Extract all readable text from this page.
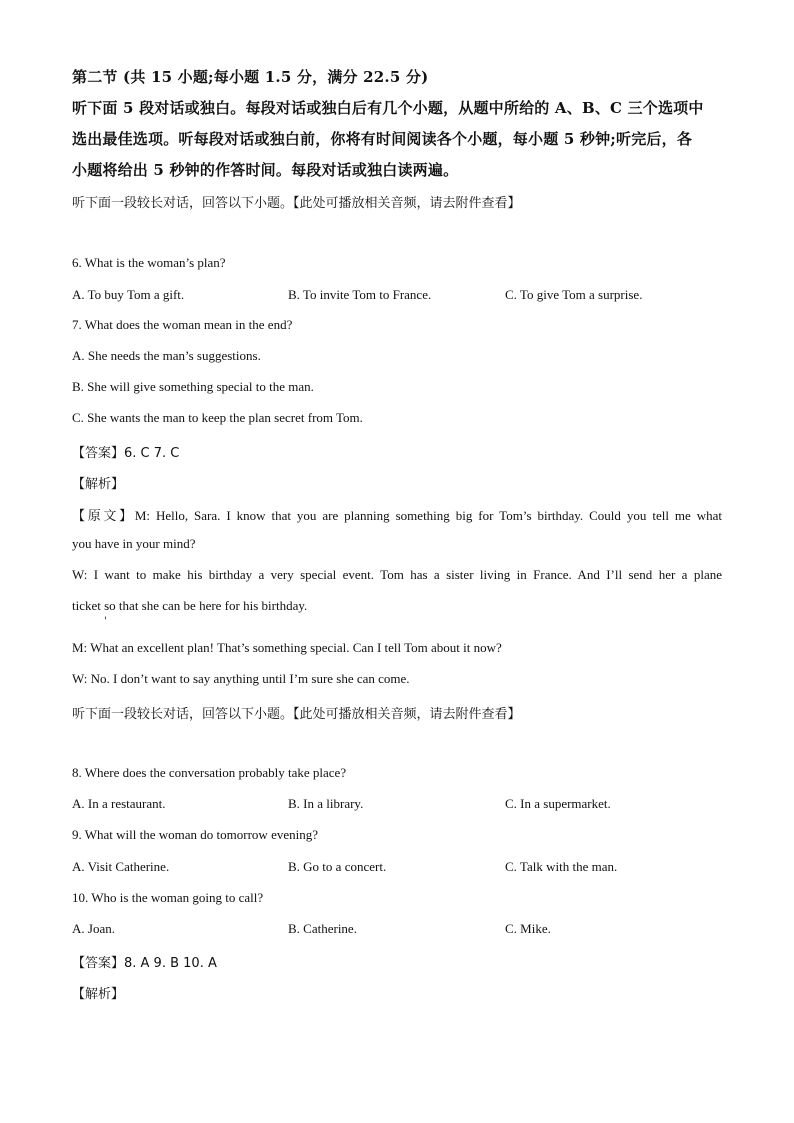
第二节 (共 15 小题;每小题 1.5 分，满分 22.5 分)
听下面 5 段对话或独白。每段对话或独白后有几个小题，从题中所给的 A、B、C 三个选项中
选出最佳选项。听每段对话或独白前，你将有时间阅读各个小题，每小题 5 秒钟;听完后，各
小题将给出 5 秒钟的作答时间。每段对话或独白读两遍。
听下面一段较长对话，回答以下小题。【此处可播放相关音频，请去附件查看】
6. What is the woman’s plan?
A. To buy Tom a gift.	B. To invite Tom to France.	C. To give Tom a surprise.
7. What does the woman mean in the end?
A. She needs the man’s suggestions.
B. She will give something special to the man.
C. She wants the man to keep the plan secret from Tom.
【答案】6. C 7. C
【解析】
【原文】M: Hello, Sara. I know that you are planning something big for Tom’s birthday. Could you tell me what
you have in your mind?
W: I want to make his birthday a very special event. Tom has a sister living in France. And I’ll send her a plane
ticket so that she can be here for his birthday.
'
M: What an excellent plan! That’s something special. Can I tell Tom about it now?
W: No. I don’t want to say anything until I’m sure she can come.
听下面一段较长对话，回答以下小题。【此处可播放相关音频，请去附件查看】
8. Where does the conversation probably take place?
A. In a restaurant.	B. In a library.	C. In a supermarket.
9. What will the woman do tomorrow evening?
A. Visit Catherine.	B. Go to a concert.	C. Talk with the man.
10. Who is the woman going to call?
A. Joan.	B. Catherine.	C. Mike.
【答案】8. A 9. B 10. A
【解析】
